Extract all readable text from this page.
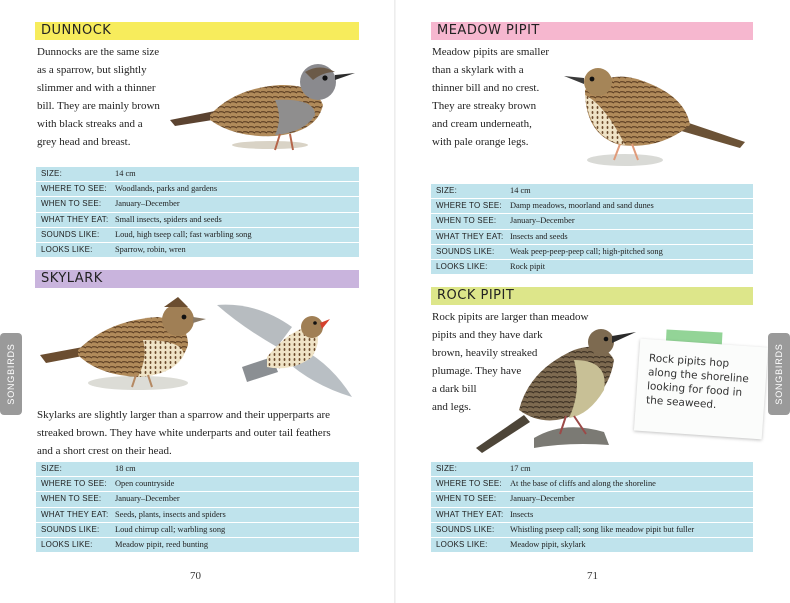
DUNNOCK
Dunnocks are the same size
as a sparrow, but slightly
slimmer and with a thinner
bill. They are mainly brown
with black streaks and a
grey head and breast.
SIZE:	14 cm
WHERE TO SEE: Woodlands, parks and gardens
WHEN TO SEE:	January–December
WHAT THEY EAT: Small insects, spiders and seeds
SOUNDS LIKE:	Loud, high tseep call; fast warbling song
LOOKS LIKE:	Sparrow, robin, wren
SKYLARK
Skylarks are slightly larger than a sparrow and their upperparts are
streaked brown. They have white underparts and outer tail feathers
and a short crest on their head.
SIZE:	18 cm
WHERE TO SEE: Open countryside
WHEN TO SEE:	January–December
WHAT THEY EAT: Seeds, plants, insects and spiders
SOUNDS LIKE:	Loud chirrup call; warbling song
LOOKS LIKE:	Meadow pipit, reed bunting
70
SONGBIRDS
MEADOW PIPIT
Meadow pipits are smaller
than a skylark with a
thinner bill and no crest.
They are streaky brown
and cream underneath,
with pale orange legs.
SIZE:	14 cm
WHERE TO SEE: Damp meadows, moorland and sand dunes
WHEN TO SEE:	January–December
WHAT THEY EAT: Insects and seeds
SOUNDS LIKE:	Weak peep-peep-peep call; high-pitched song
LOOKS LIKE:	Rock pipit
ROCK PIPIT
Rock pipits are larger than meadow
pipits and they have dark
brown, heavily streaked
plumage. They have
a dark bill
and legs.
Rock pipits hop
along the shoreline
looking for food in
the seaweed.
SIZE:	17 cm
WHERE TO SEE: At the base of cliffs and along the shoreline
WHEN TO SEE:	January–December
WHAT THEY EAT: Insects
SOUNDS LIKE:	Whistling pseep call; song like meadow pipit but fuller
LOOKS LIKE:	Meadow pipit, skylark
71
SONGBIRDS
